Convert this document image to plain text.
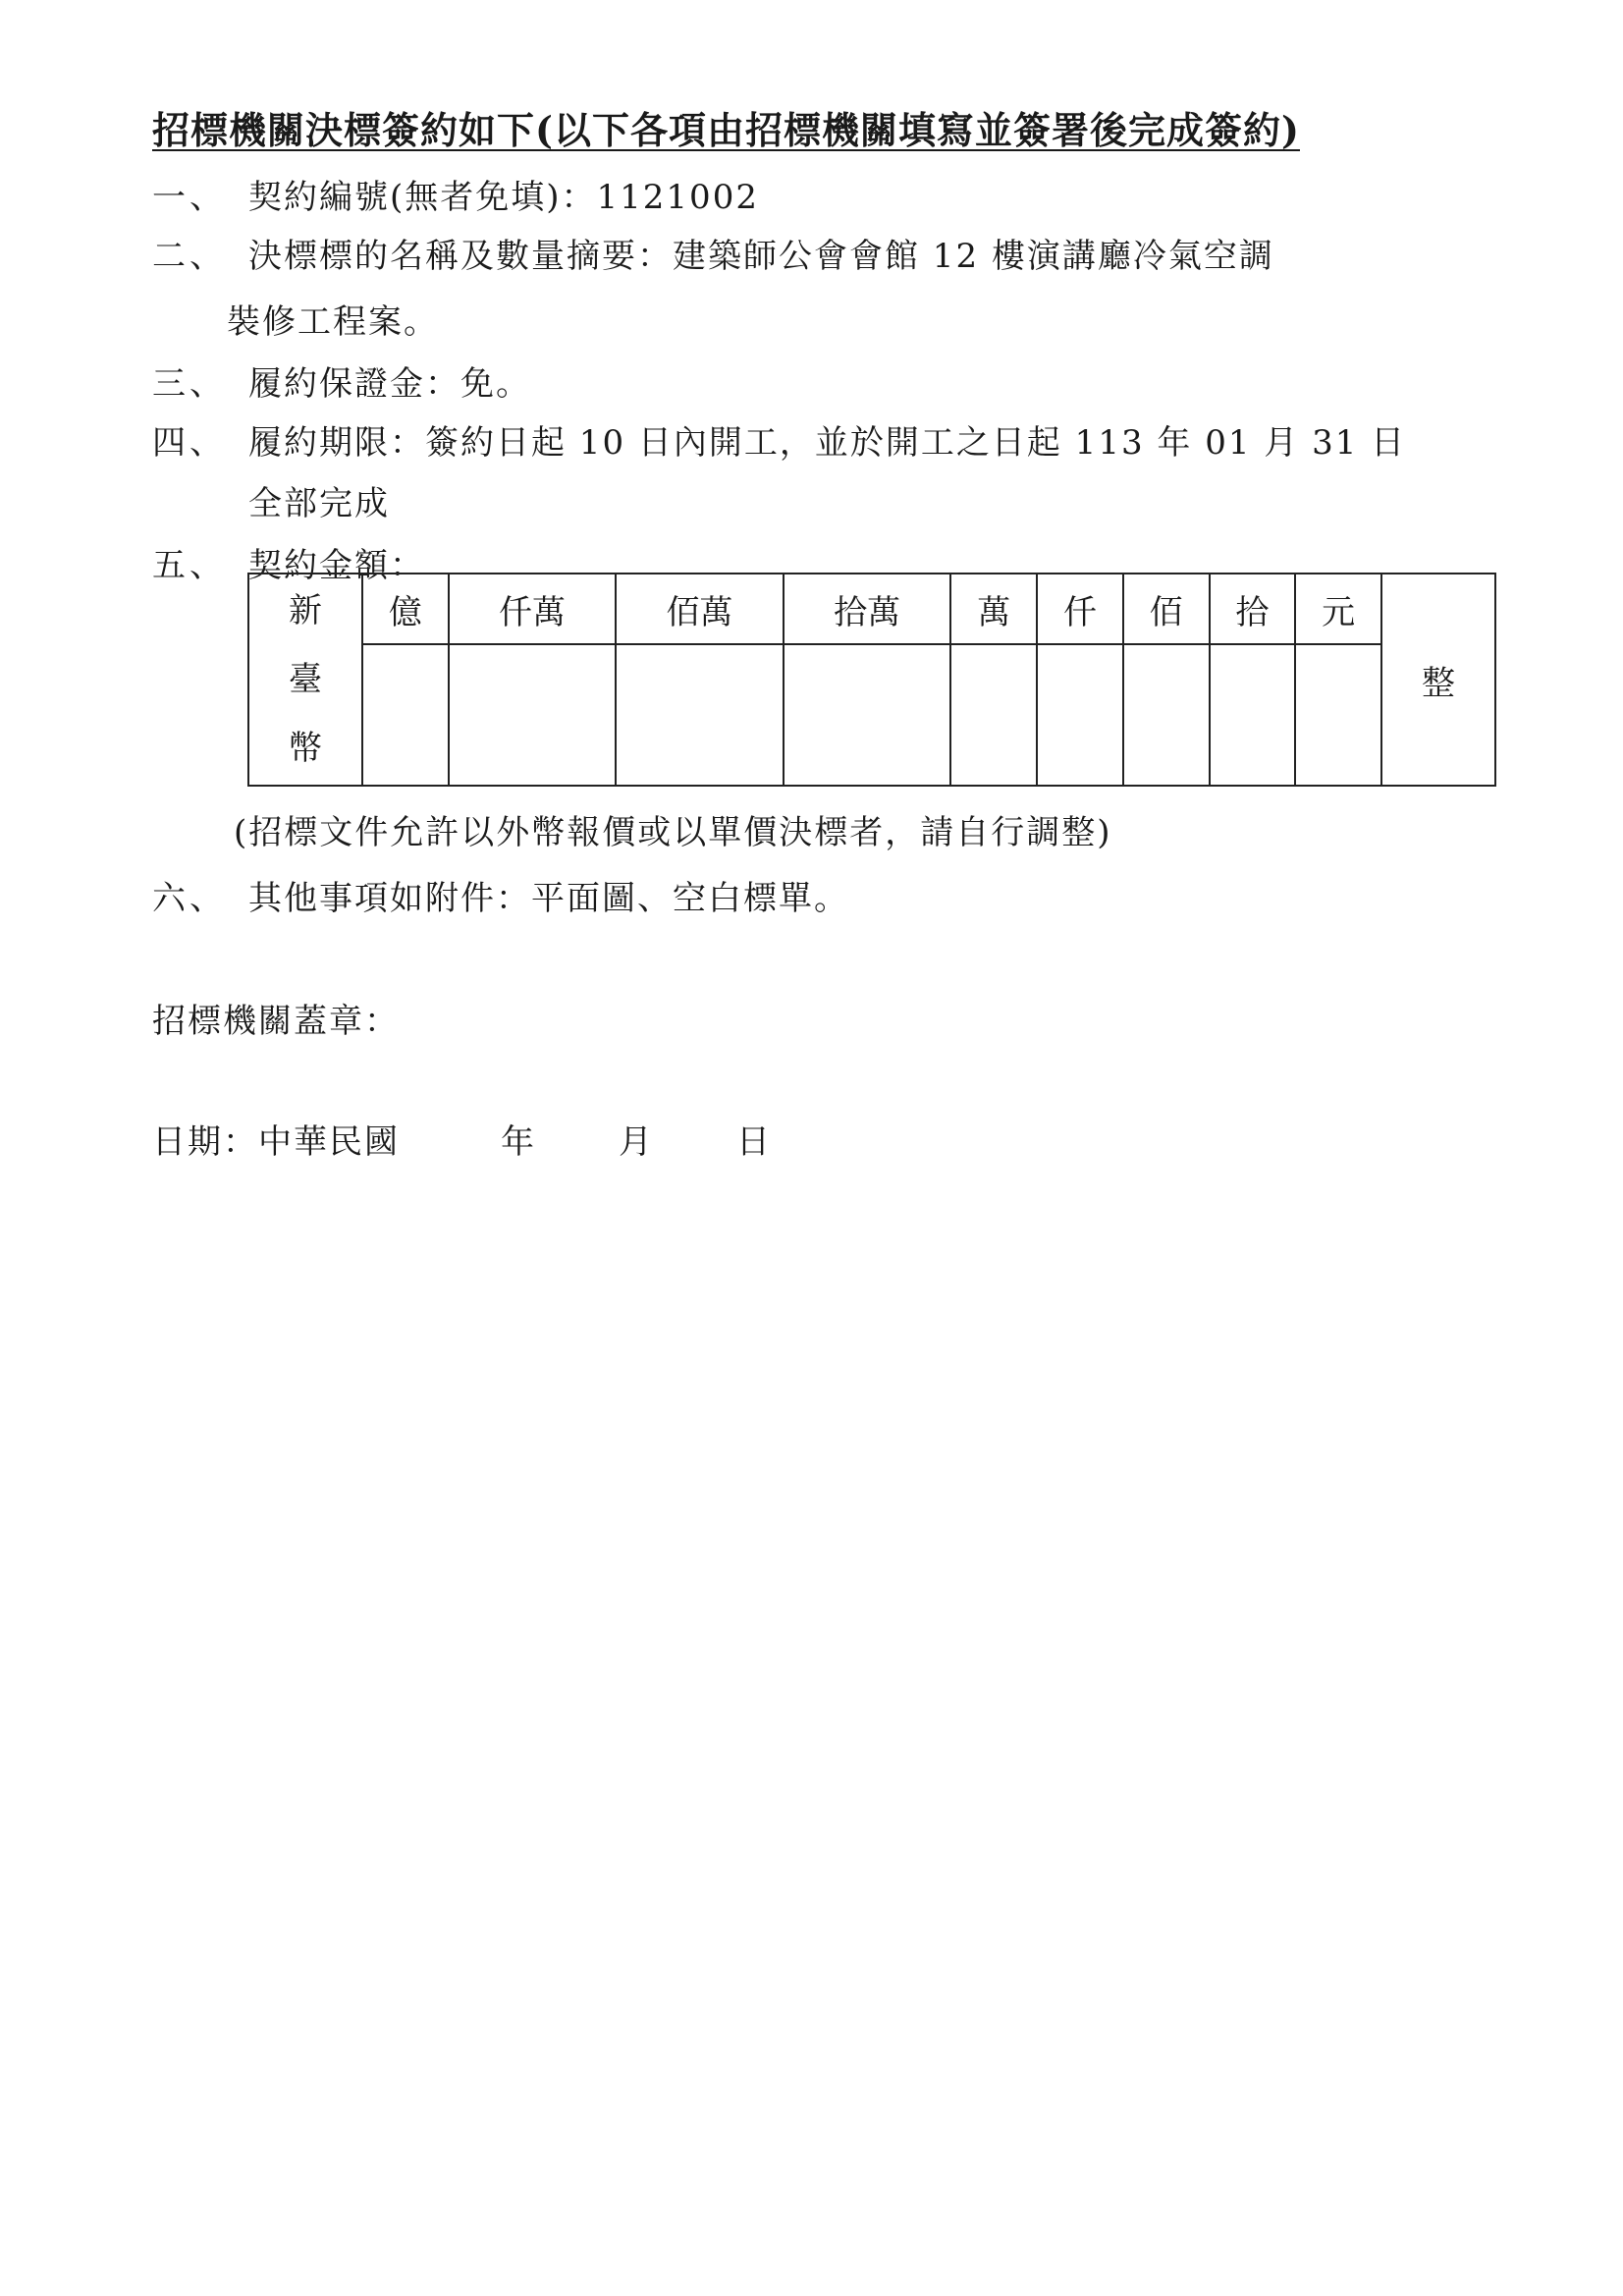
招標機關決標簽約如下(以下各項由招標機關填寫並簽署後完成簽約)
一、 契約編號(無者免填)：1121002
二、 決標標的名稱及數量摘要：建築師公會會館 12 樓演講廳冷氣空調
裝修工程案。
三、 履約保證金：免。
四、 履約期限：簽約日起 10 日內開工，並於開工之日起 113 年 01 月 31 日
全部完成
五、 契約金額：
新
臺
幣	億	仟萬	佰萬	拾萬	萬	仟	佰	拾	元	整

(招標文件允許以外幣報價或以單價決標者，請自行調整)
六、 其他事項如附件：平面圖、空白標單。
招標機關蓋章：
日期：中華民國	年 月 日
